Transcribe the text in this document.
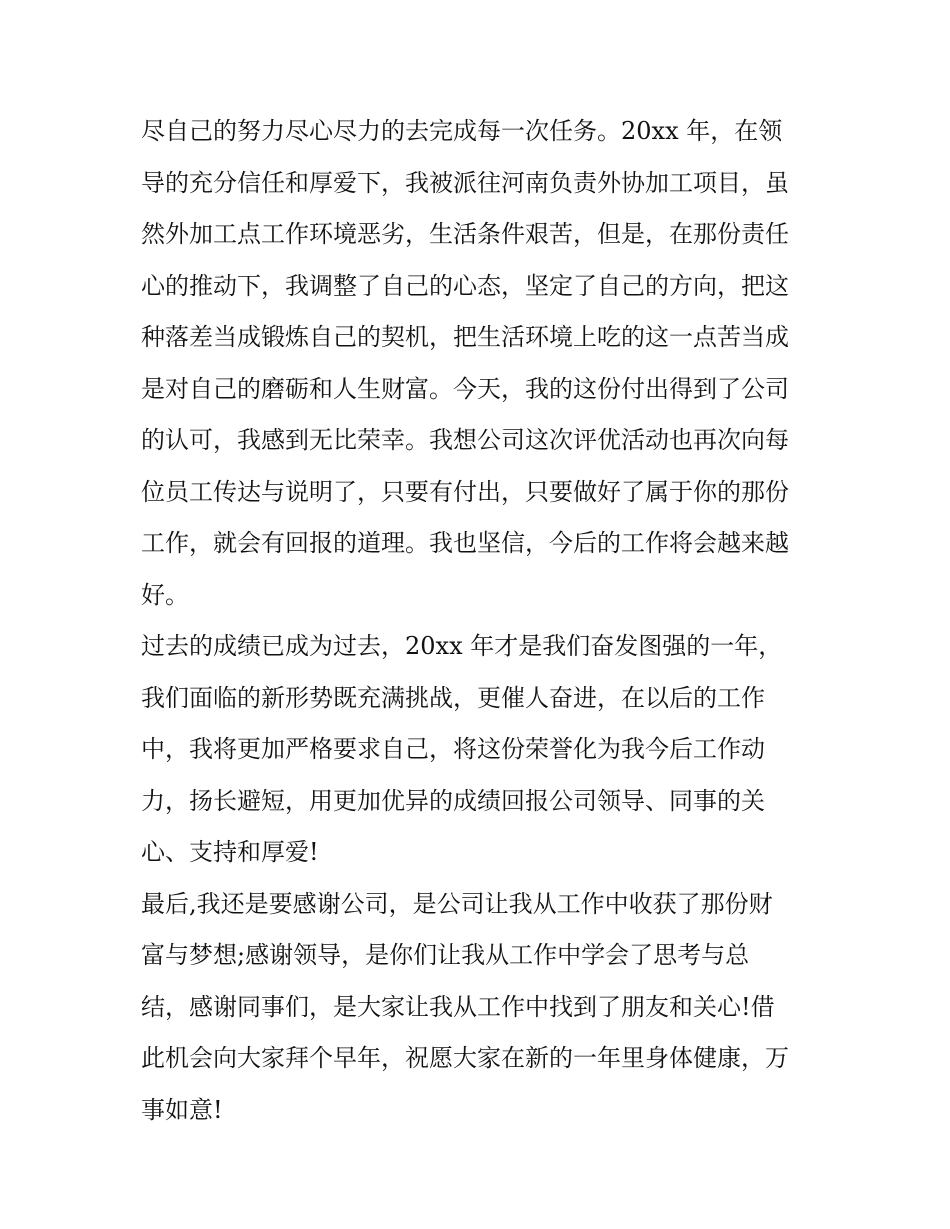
尽自己的努力尽心尽力的去完成每一次任务。20xx 年，在领
导的充分信任和厚爱下，我被派往河南负责外协加工项目，虽
然外加工点工作环境恶劣，生活条件艰苦，但是，在那份责任
心的推动下，我调整了自己的心态，坚定了自己的方向，把这
种落差当成锻炼自己的契机，把生活环境上吃的这一点苦当成
是对自己的磨砺和人生财富。今天，我的这份付出得到了公司
的认可，我感到无比荣幸。我想公司这次评优活动也再次向每
位员工传达与说明了，只要有付出，只要做好了属于你的那份
工作，就会有回报的道理。我也坚信，今后的工作将会越来越
好。
过去的成绩已成为过去，20xx 年才是我们奋发图强的一年，
我们面临的新形势既充满挑战，更催人奋进，在以后的工作
中，我将更加严格要求自己，将这份荣誉化为我今后工作动
力，扬长避短，用更加优异的成绩回报公司领导、同事的关
心、支持和厚爱!
最后,我还是要感谢公司，是公司让我从工作中收获了那份财
富与梦想;感谢领导，是你们让我从工作中学会了思考与总
结，感谢同事们，是大家让我从工作中找到了朋友和关心!借
此机会向大家拜个早年，祝愿大家在新的一年里身体健康，万
事如意!
